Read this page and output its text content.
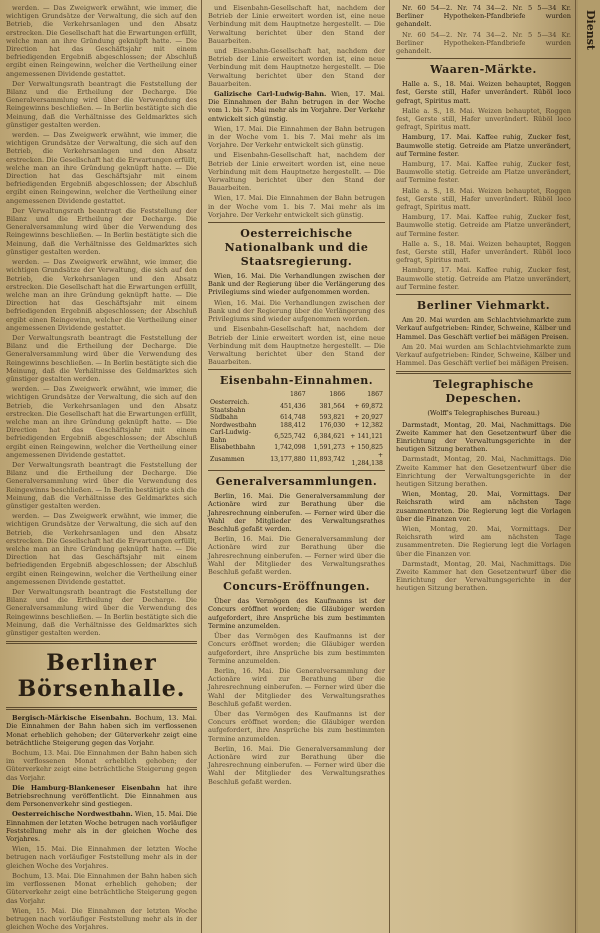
werden. — Das Zweigwerk erwähnt, wie immer, die wichtigen Grundsätze der Verwaltung, die sich auf den Betrieb, die Verkehrsanlagen und den Absatz erstrecken. Die Gesellschaft hat die Erwartungen erfüllt, welche man an ihre Gründung geknüpft hatte. — Die Direction hat das Geschäftsjahr mit einem befriedigenden Ergebniß abgeschlossen; der Abschluß ergibt einen Reingewinn, welcher die Vertheilung einer angemessenen Dividende gestattet.

Der Verwaltungsrath beantragt die Feststellung der Bilanz und die Ertheilung der Decharge. Die Generalversammlung wird über die Verwendung des Reingewinns beschließen. — In Berlin bestätigte sich die Meinung, daß die Verhältnisse des Geldmarktes sich günstiger gestalten werden.

werden. — Das Zweigwerk erwähnt, wie immer, die wichtigen Grundsätze der Verwaltung, die sich auf den Betrieb, die Verkehrsanlagen und den Absatz erstrecken. Die Gesellschaft hat die Erwartungen erfüllt, welche man an ihre Gründung geknüpft hatte. — Die Direction hat das Geschäftsjahr mit einem befriedigenden Ergebniß abgeschlossen; der Abschluß ergibt einen Reingewinn, welcher die Vertheilung einer angemessenen Dividende gestattet.

Der Verwaltungsrath beantragt die Feststellung der Bilanz und die Ertheilung der Decharge. Die Generalversammlung wird über die Verwendung des Reingewinns beschließen. — In Berlin bestätigte sich die Meinung, daß die Verhältnisse des Geldmarktes sich günstiger gestalten werden.

werden. — Das Zweigwerk erwähnt, wie immer, die wichtigen Grundsätze der Verwaltung, die sich auf den Betrieb, die Verkehrsanlagen und den Absatz erstrecken. Die Gesellschaft hat die Erwartungen erfüllt, welche man an ihre Gründung geknüpft hatte. — Die Direction hat das Geschäftsjahr mit einem befriedigenden Ergebniß abgeschlossen; der Abschluß ergibt einen Reingewinn, welcher die Vertheilung einer angemessenen Dividende gestattet.

Der Verwaltungsrath beantragt die Feststellung der Bilanz und die Ertheilung der Decharge. Die Generalversammlung wird über die Verwendung des Reingewinns beschließen. — In Berlin bestätigte sich die Meinung, daß die Verhältnisse des Geldmarktes sich günstiger gestalten werden.

werden. — Das Zweigwerk erwähnt, wie immer, die wichtigen Grundsätze der Verwaltung, die sich auf den Betrieb, die Verkehrsanlagen und den Absatz erstrecken. Die Gesellschaft hat die Erwartungen erfüllt, welche man an ihre Gründung geknüpft hatte. — Die Direction hat das Geschäftsjahr mit einem befriedigenden Ergebniß abgeschlossen; der Abschluß ergibt einen Reingewinn, welcher die Vertheilung einer angemessenen Dividende gestattet.

Der Verwaltungsrath beantragt die Feststellung der Bilanz und die Ertheilung der Decharge. Die Generalversammlung wird über die Verwendung des Reingewinns beschließen. — In Berlin bestätigte sich die Meinung, daß die Verhältnisse des Geldmarktes sich günstiger gestalten werden.

werden. — Das Zweigwerk erwähnt, wie immer, die wichtigen Grundsätze der Verwaltung, die sich auf den Betrieb, die Verkehrsanlagen und den Absatz erstrecken. Die Gesellschaft hat die Erwartungen erfüllt, welche man an ihre Gründung geknüpft hatte. — Die Direction hat das Geschäftsjahr mit einem befriedigenden Ergebniß abgeschlossen; der Abschluß ergibt einen Reingewinn, welcher die Vertheilung einer angemessenen Dividende gestattet.

Der Verwaltungsrath beantragt die Feststellung der Bilanz und die Ertheilung der Decharge. Die Generalversammlung wird über die Verwendung des Reingewinns beschließen. — In Berlin bestätigte sich die Meinung, daß die Verhältnisse des Geldmarktes sich günstiger gestalten werden.

Berliner Börsenhalle.

Bergisch-Märkische Eisenbahn. Bochum, 13. Mai. Die Einnahmen der Bahn haben sich im verflossenen Monat erheblich gehoben; der Güterverkehr zeigt eine beträchtliche Steigerung gegen das Vorjahr.

Bochum, 13. Mai. Die Einnahmen der Bahn haben sich im verflossenen Monat erheblich gehoben; der Güterverkehr zeigt eine beträchtliche Steigerung gegen das Vorjahr.

Die Hamburg-Blankeneser Eisenbahn hat ihre Betriebsrechnung veröffentlicht. Die Einnahmen aus dem Personenverkehr sind gestiegen.

Oesterreichische Nordwestbahn. Wien, 15. Mai. Die Einnahmen der letzten Woche betrugen nach vorläufiger Feststellung mehr als in der gleichen Woche des Vorjahres.

Wien, 15. Mai. Die Einnahmen der letzten Woche betrugen nach vorläufiger Feststellung mehr als in der gleichen Woche des Vorjahres.

Bochum, 13. Mai. Die Einnahmen der Bahn haben sich im verflossenen Monat erheblich gehoben; der Güterverkehr zeigt eine beträchtliche Steigerung gegen das Vorjahr.

Wien, 15. Mai. Die Einnahmen der letzten Woche betrugen nach vorläufiger Feststellung mehr als in der gleichen Woche des Vorjahres.

und Eisenbahn-Gesellschaft hat, nachdem der Betrieb der Linie erweitert worden ist, eine neue Verbindung mit dem Hauptnetze hergestellt. — Die Verwaltung berichtet über den Stand der Bauarbeiten.

und Eisenbahn-Gesellschaft hat, nachdem der Betrieb der Linie erweitert worden ist, eine neue Verbindung mit dem Hauptnetze hergestellt. — Die Verwaltung berichtet über den Stand der Bauarbeiten.

Galizische Carl-Ludwig-Bahn. Wien, 17. Mai. Die Einnahmen der Bahn betrugen in der Woche vom 1. bis 7. Mai mehr als im Vorjahre. Der Verkehr entwickelt sich günstig.

Wien, 17. Mai. Die Einnahmen der Bahn betrugen in der Woche vom 1. bis 7. Mai mehr als im Vorjahre. Der Verkehr entwickelt sich günstig.

und Eisenbahn-Gesellschaft hat, nachdem der Betrieb der Linie erweitert worden ist, eine neue Verbindung mit dem Hauptnetze hergestellt. — Die Verwaltung berichtet über den Stand der Bauarbeiten.

Wien, 17. Mai. Die Einnahmen der Bahn betrugen in der Woche vom 1. bis 7. Mai mehr als im Vorjahre. Der Verkehr entwickelt sich günstig.

Oesterreichische Nationalbank und die Staatsregierung.

Wien, 16. Mai. Die Verhandlungen zwischen der Bank und der Regierung über die Verlängerung des Privilegiums sind wieder aufgenommen worden.

Wien, 16. Mai. Die Verhandlungen zwischen der Bank und der Regierung über die Verlängerung des Privilegiums sind wieder aufgenommen worden.

und Eisenbahn-Gesellschaft hat, nachdem der Betrieb der Linie erweitert worden ist, eine neue Verbindung mit dem Hauptnetze hergestellt. — Die Verwaltung berichtet über den Stand der Bauarbeiten.

Eisenbahn-Einnahmen.
	1867	1866	1867
Oesterreich. Staatsbahn	451,436	381,564	+ 69,872
Südbahn	614,748	593,821	+ 20,927
Nordwestbahn	188,412	176,030	+ 12,382
Carl-Ludwig-Bahn	6,525,742	6,384,621	+ 141,121
Elisabethbahn	1,742,098	1,591,273	+ 150,825
Zusammen	13,177,880	11,893,742	+ 1,284,138
Generalversammlungen.

Berlin, 16. Mai. Die Generalversammlung der Actionäre wird zur Berathung über die Jahresrechnung einberufen. — Ferner wird über die Wahl der Mitglieder des Verwaltungsrathes Beschluß gefaßt werden.

Berlin, 16. Mai. Die Generalversammlung der Actionäre wird zur Berathung über die Jahresrechnung einberufen. — Ferner wird über die Wahl der Mitglieder des Verwaltungsrathes Beschluß gefaßt werden.

Concurs-Eröffnungen.

Über das Vermögen des Kaufmanns ist der Concurs eröffnet worden; die Gläubiger werden aufgefordert, ihre Ansprüche bis zum bestimmten Termine anzumelden.

Über das Vermögen des Kaufmanns ist der Concurs eröffnet worden; die Gläubiger werden aufgefordert, ihre Ansprüche bis zum bestimmten Termine anzumelden.

Berlin, 16. Mai. Die Generalversammlung der Actionäre wird zur Berathung über die Jahresrechnung einberufen. — Ferner wird über die Wahl der Mitglieder des Verwaltungsrathes Beschluß gefaßt werden.

Über das Vermögen des Kaufmanns ist der Concurs eröffnet worden; die Gläubiger werden aufgefordert, ihre Ansprüche bis zum bestimmten Termine anzumelden.

Berlin, 16. Mai. Die Generalversammlung der Actionäre wird zur Berathung über die Jahresrechnung einberufen. — Ferner wird über die Wahl der Mitglieder des Verwaltungsrathes Beschluß gefaßt werden.

Nr. 60 54—2. Nr. 74 34—2. Nr. 5 5—34 Kr. Berliner Hypotheken-Pfandbriefe wurden gehandelt.

Nr. 60 54—2. Nr. 74 34—2. Nr. 5 5—34 Kr. Berliner Hypotheken-Pfandbriefe wurden gehandelt.

Waaren-Märkte.

Halle a. S., 18. Mai. Weizen behauptet, Roggen fest, Gerste still, Hafer unverändert. Rüböl loco gefragt, Spiritus matt.

Halle a. S., 18. Mai. Weizen behauptet, Roggen fest, Gerste still, Hafer unverändert. Rüböl loco gefragt, Spiritus matt.

Hamburg, 17. Mai. Kaffee ruhig, Zucker fest, Baumwolle stetig. Getreide am Platze unverändert, auf Termine fester.

Hamburg, 17. Mai. Kaffee ruhig, Zucker fest, Baumwolle stetig. Getreide am Platze unverändert, auf Termine fester.

Halle a. S., 18. Mai. Weizen behauptet, Roggen fest, Gerste still, Hafer unverändert. Rüböl loco gefragt, Spiritus matt.

Hamburg, 17. Mai. Kaffee ruhig, Zucker fest, Baumwolle stetig. Getreide am Platze unverändert, auf Termine fester.

Halle a. S., 18. Mai. Weizen behauptet, Roggen fest, Gerste still, Hafer unverändert. Rüböl loco gefragt, Spiritus matt.

Hamburg, 17. Mai. Kaffee ruhig, Zucker fest, Baumwolle stetig. Getreide am Platze unverändert, auf Termine fester.

Berliner Viehmarkt.

Am 20. Mai wurden am Schlachtviehmarkte zum Verkauf aufgetrieben: Rinder, Schweine, Kälber und Hammel. Das Geschäft verlief bei mäßigen Preisen.

Am 20. Mai wurden am Schlachtviehmarkte zum Verkauf aufgetrieben: Rinder, Schweine, Kälber und Hammel. Das Geschäft verlief bei mäßigen Preisen.

Telegraphische Depeschen.
(Wolff's Telegraphisches Bureau.)

Darmstadt, Montag, 20. Mai, Nachmittags. Die Zweite Kammer hat den Gesetzentwurf über die Einrichtung der Verwaltungsgerichte in der heutigen Sitzung berathen.

Darmstadt, Montag, 20. Mai, Nachmittags. Die Zweite Kammer hat den Gesetzentwurf über die Einrichtung der Verwaltungsgerichte in der heutigen Sitzung berathen.

Wien, Montag, 20. Mai, Vormittags. Der Reichsrath wird am nächsten Tage zusammentreten. Die Regierung legt die Vorlagen über die Finanzen vor.

Wien, Montag, 20. Mai, Vormittags. Der Reichsrath wird am nächsten Tage zusammentreten. Die Regierung legt die Vorlagen über die Finanzen vor.

Darmstadt, Montag, 20. Mai, Nachmittags. Die Zweite Kammer hat den Gesetzentwurf über die Einrichtung der Verwaltungsgerichte in der heutigen Sitzung berathen.

Dienst
